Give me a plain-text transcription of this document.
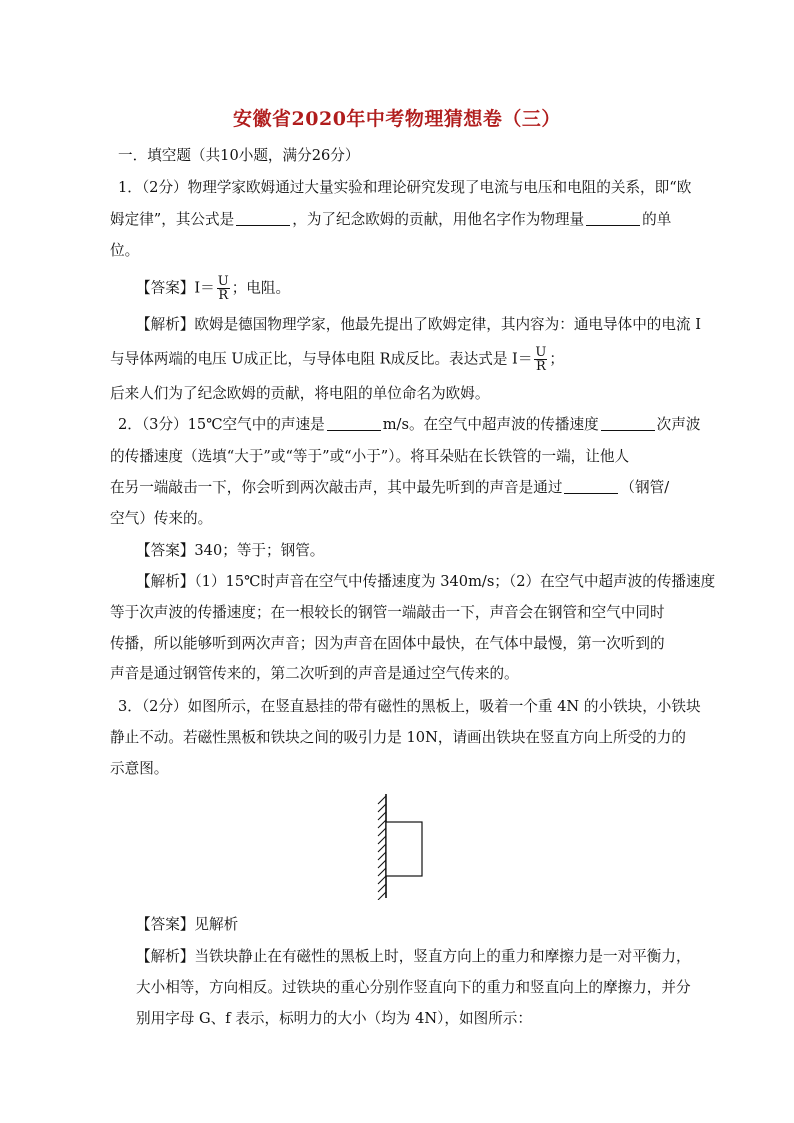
安徽省2020年中考物理猜想卷（三）
一．填空题（共10小题，满分26分）
1．（2分）物理学家欧姆通过大量实验和理论研究发现了电流与电压和电阻的关系，即“欧
姆定律”，其公式是	，为了纪念欧姆的贡献，用他名字作为物理量	的单
位。
【答案】$I= \frac{U}{R}$ ；电阻。
【解析】欧姆是德国物理学家，他最先提出了欧姆定律，其内容为：通电导体中的电流 I
与导体两端的电压 U成正比，与导体电阻 R成反比。表达式是 $I= \frac{U}{R}$ ；
后来人们为了纪念欧姆的贡献，将电阻的单位命名为欧姆。
2．（3分）15℃空气中的声速是	m/s。在空气中超声波的传播速度	次声波
的传播速度（选填“大于”或“等于”或“小于”）。将耳朵贴在长铁管的一端，让他人
在另一端敲击一下，你会听到两次敲击声，其中最先听到的声音是通过	（钢管/
空气）传来的。
【答案】340；等于；钢管。
【解析】（1）15℃时声音在空气中传播速度为 340m/s；（2）在空气中超声波的传播速度
等于次声波的传播速度；在一根较长的钢管一端敲击一下，声音会在钢管和空气中同时
传播，所以能够听到两次声音；因为声音在固体中最快，在气体中最慢，第一次听到的
声音是通过钢管传来的，第二次听到的声音是通过空气传来的。
3．（2分）如图所示，在竖直悬挂的带有磁性的黑板上，吸着一个重 4N 的小铁块，小铁块
静止不动。若磁性黑板和铁块之间的吸引力是 10N，请画出铁块在竖直方向上所受的力的
示意图。
【答案】见解析
【解析】当铁块静止在有磁性的黑板上时，竖直方向上的重力和摩擦力是一对平衡力，
大小相等，方向相反。过铁块的重心分别作竖直向下的重力和竖直向上的摩擦力，并分
别用字母 G、f 表示，标明力的大小（均为 4N），如图所示：
